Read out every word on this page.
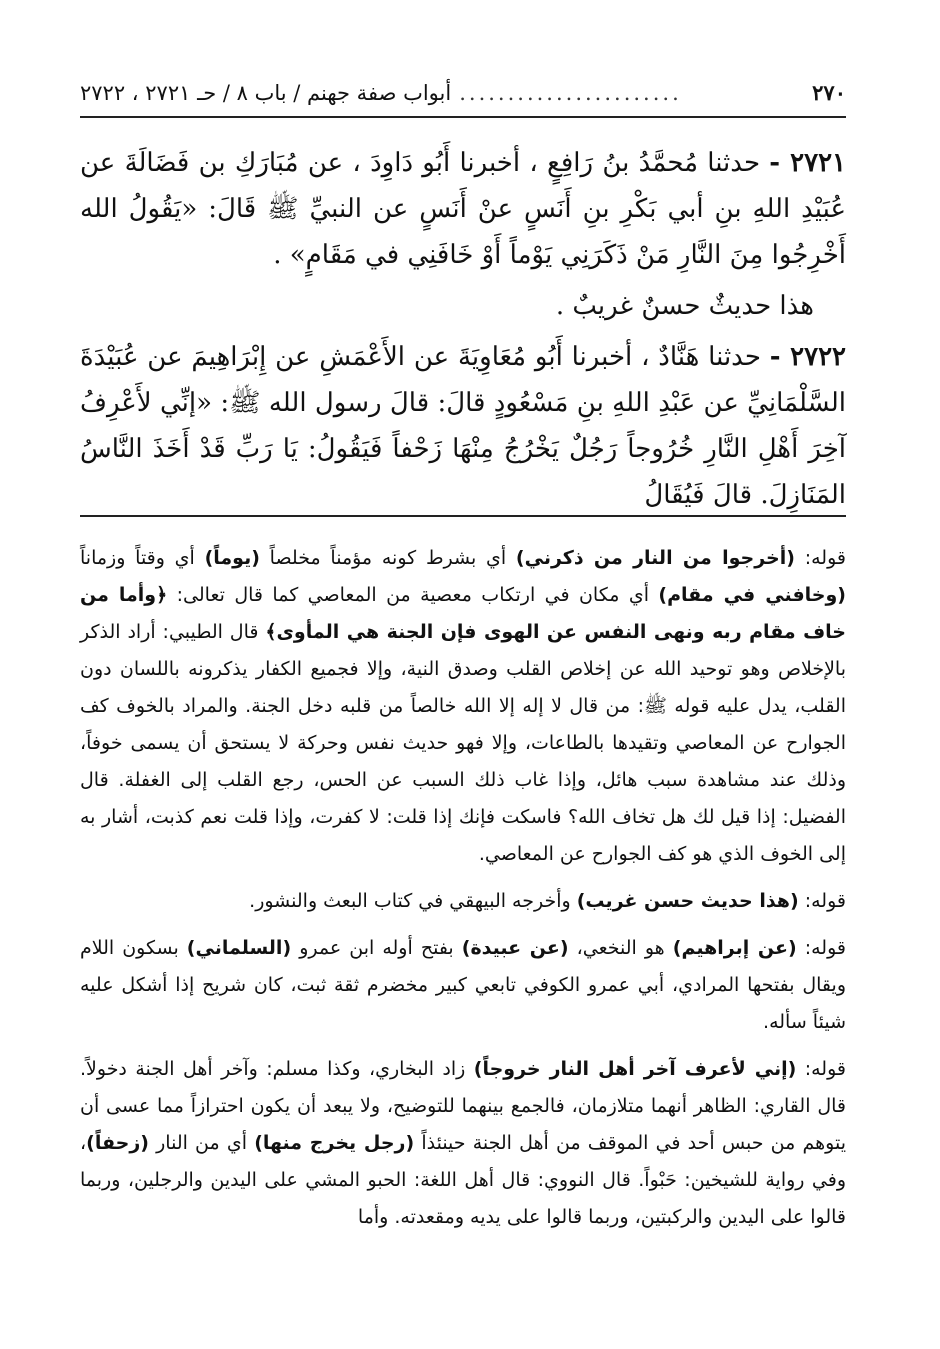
٢٧٠
.......................
أبواب صفة جهنم / باب ٨ / حـ ٢٧٢١ ، ٢٧٢٢

٢٧٢١ - حدثنا مُحمَّدُ بنُ رَافِعٍ ، أخبرنا أَبُو دَاوِدَ ، عن مُبَارَكِ بن فَضَالَةَ عن عُبَيْدِ اللهِ بنِ أبي بَكْرِ بنِ أَنَسٍ عنْ أَنَسٍ عن النبيِّ ﷺ قَالَ: «يَقُولُ الله أَخْرِجُوا مِنَ النَّارِ مَنْ ذَكَرَنِي يَوْماً أَوْ خَافَنِي في مَقَامٍ» .

هذا حديثٌ حسنٌ غريبٌ .

٢٧٢٢ - حدثنا هَنَّادٌ ، أخبرنا أَبُو مُعَاوِيَةَ عن الأَعْمَشِ عن إِبْرَاهِيمَ عن عُبَيْدَةَ السَّلْمَانِيِّ عن عَبْدِ اللهِ بنِ مَسْعُودٍ قالَ: قالَ رسول الله ﷺ: «إنِّي لأَعْرِفُ آخِرَ أَهْلِ النَّارِ خُرُوجاً رَجُلٌ يَخْرُجُ مِنْهَا زَحْفاً فَيَقُولُ: يَا رَبِّ قَدْ أَخَذَ النَّاسُ المَنَازِلَ. قالَ فَيُقَالُ

قوله: (أخرجوا من النار من ذكرني) أي بشرط كونه مؤمناً مخلصاً (يوماً) أي وقتاً وزماناً (وخافني في مقام) أي مكان في ارتكاب معصية من المعاصي كما قال تعالى: ﴿وأما من خاف مقام ربه ونهى النفس عن الهوى فإن الجنة هي المأوى﴾ قال الطيبي: أراد الذكر بالإخلاص وهو توحيد الله عن إخلاص القلب وصدق النية، وإلا فجميع الكفار يذكرونه باللسان دون القلب، يدل عليه قوله ﷺ: من قال لا إله إلا الله خالصاً من قلبه دخل الجنة. والمراد بالخوف كف الجوارح عن المعاصي وتقيدها بالطاعات، وإلا فهو حديث نفس وحركة لا يستحق أن يسمى خوفاً، وذلك عند مشاهدة سبب هائل، وإذا غاب ذلك السبب عن الحس، رجع القلب إلى الغفلة. قال الفضيل: إذا قيل لك هل تخاف الله؟ فاسكت فإنك إذا قلت: لا كفرت، وإذا قلت نعم كذبت، أشار به إلى الخوف الذي هو كف الجوارح عن المعاصي.

قوله: (هذا حديث حسن غريب) وأخرجه البيهقي في كتاب البعث والنشور.

قوله: (عن إبراهيم) هو النخعي، (عن عبيدة) بفتح أوله ابن عمرو (السلماني) بسكون اللام ويقال بفتحها المرادي، أبي عمرو الكوفي تابعي كبير مخضرم ثقة ثبت، كان شريح إذا أشكل عليه شيئاً سأله.

قوله: (إني لأعرف آخر أهل النار خروجاً) زاد البخاري، وكذا مسلم: وآخر أهل الجنة دخولاً. قال القاري: الظاهر أنهما متلازمان، فالجمع بينهما للتوضيح، ولا يبعد أن يكون احترازاً مما عسى أن يتوهم من حبس أحد في الموقف من أهل الجنة حينئذاً (رجل يخرج منها) أي من النار (زحفاً)، وفي رواية للشيخين: حَبْواً. قال النووي: قال أهل اللغة: الحبو المشي على اليدين والرجلين، وربما قالوا على اليدين والركبتين، وربما قالوا على يديه ومقعدته. وأما
